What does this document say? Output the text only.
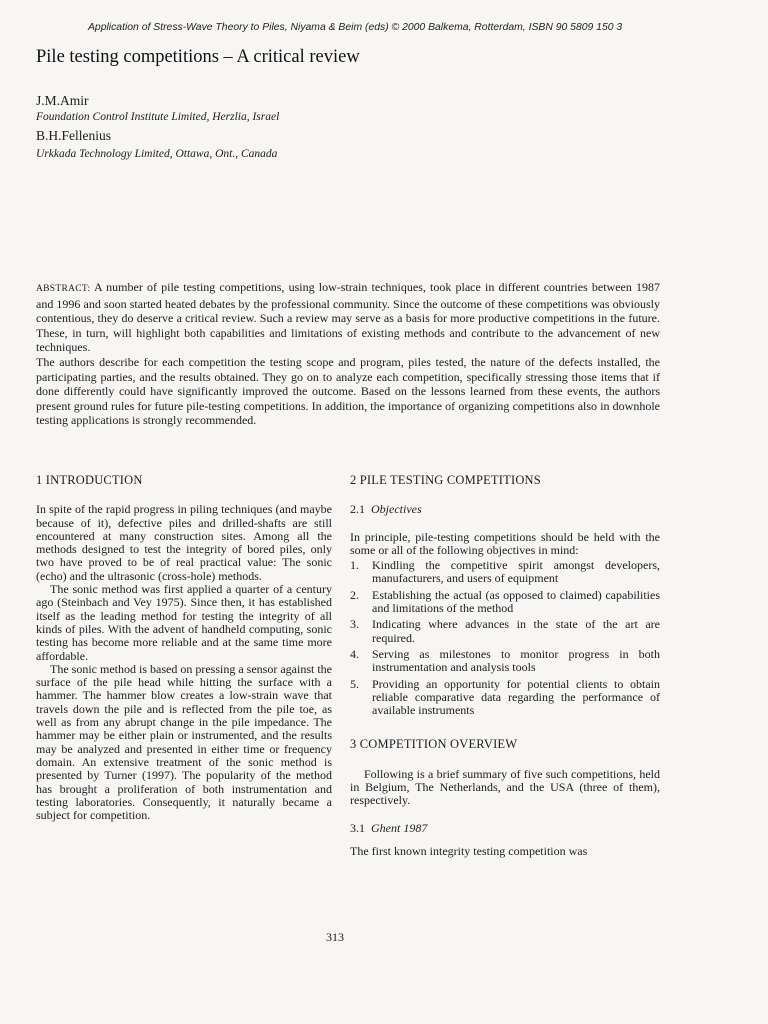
Application of Stress-Wave Theory to Piles, Niyama & Beim (eds) © 2000 Balkema, Rotterdam, ISBN 90 5809 150 3
Pile testing competitions – A critical review
J.M.Amir
Foundation Control Institute Limited, Herzlia, Israel
B.H.Fellenius
Urkkada Technology Limited, Ottawa, Ont., Canada

ABSTRACT: A number of pile testing competitions, using low-strain techniques, took place in different countries between 1987 and 1996 and soon started heated debates by the professional community. Since the outcome of these competitions was obviously contentious, they do deserve a critical review. Such a review may serve as a basis for more productive competitions in the future. These, in turn, will highlight both capabilities and limitations of existing methods and contribute to the advancement of new techniques.

The authors describe for each competition the testing scope and program, piles tested, the nature of the defects installed, the participating parties, and the results obtained. They go on to analyze each competition, specifically stressing those items that if done differently could have significantly improved the outcome. Based on the lessons learned from these events, the authors present ground rules for future pile-testing competitions. In addition, the importance of organizing competitions also in downhole testing applications is strongly recommended.

1 INTRODUCTION

In spite of the rapid progress in piling techniques (and maybe because of it), defective piles and drilled-shafts are still encountered at many construction sites. Among all the methods designed to test the integrity of bored piles, only two have proved to be of real practical value: The sonic (echo) and the ultrasonic (cross-hole) methods.

The sonic method was first applied a quarter of a century ago (Steinbach and Vey 1975). Since then, it has established itself as the leading method for testing the integrity of all kinds of piles. With the advent of handheld computing, sonic testing has become more reliable and at the same time more affordable.

The sonic method is based on pressing a sensor against the surface of the pile head while hitting the surface with a hammer. The hammer blow creates a low-strain wave that travels down the pile and is reflected from the pile toe, as well as from any abrupt change in the pile impedance. The hammer may be either plain or instrumented, and the results may be analyzed and presented in either time or frequency domain. An extensive treatment of the sonic method is presented by Turner (1997). The popularity of the method has brought a proliferation of both instrumentation and testing laboratories. Consequently, it naturally became a subject for competition.

2 PILE TESTING COMPETITIONS

2.1 Objectives

In principle, pile-testing competitions should be held with the some or all of the following objectives in mind:

1. Kindling the competitive spirit amongst developers, manufacturers, and users of equipment
2. Establishing the actual (as opposed to claimed) capabilities and limitations of the method
3. Indicating where advances in the state of the art are required.
4. Serving as milestones to monitor progress in both instrumentation and analysis tools
5. Providing an opportunity for potential clients to obtain reliable comparative data regarding the performance of available instruments

3 COMPETITION OVERVIEW

Following is a brief summary of five such competitions, held in Belgium, The Netherlands, and the USA (three of them), respectively.

3.1 Ghent 1987

The first known integrity testing competition was

313
